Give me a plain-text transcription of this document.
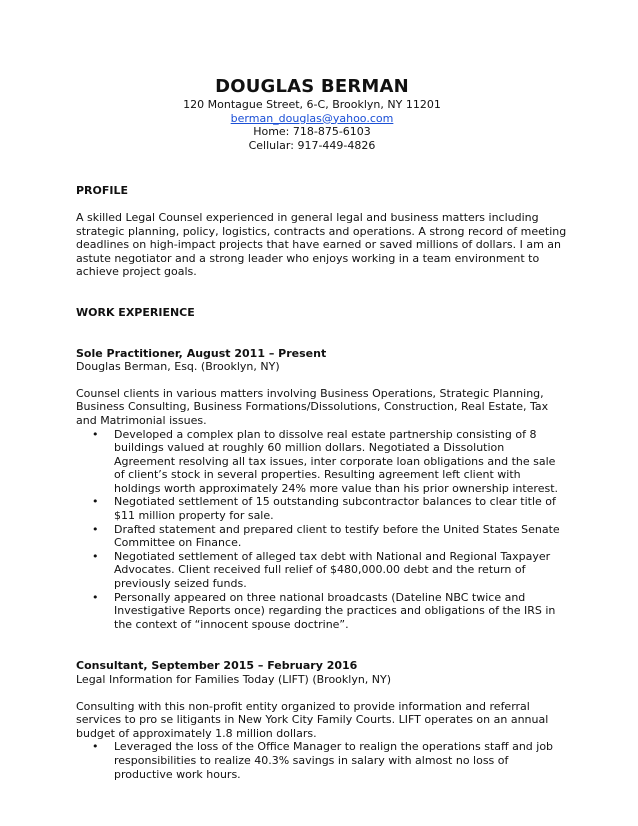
DOUGLAS BERMAN
120 Montague Street, 6-C, Brooklyn, NY 11201
berman_douglas@yahoo.com
Home: 718-875-6103
Cellular: 917-449-4826
PROFILE

A skilled Legal Counsel experienced in general legal and business matters including strategic planning, policy, logistics, contracts and operations. A strong record of meeting deadlines on high-impact projects that have earned or saved millions of dollars. I am an astute negotiator and a strong leader who enjoys working in a team environment to achieve project goals.

WORK EXPERIENCE
Sole Practitioner, August 2011 – Present
Douglas Berman, Esq. (Brooklyn, NY)

Counsel clients in various matters involving Business Operations, Strategic Planning, Business Consulting, Business Formations/Dissolutions, Construction, Real Estate, Tax and Matrimonial issues.

• Developed a complex plan to dissolve real estate partnership consisting of 8 buildings valued at roughly 60 million dollars. Negotiated a Dissolution Agreement resolving all tax issues, inter corporate loan obligations and the sale of client’s stock in several properties. Resulting agreement left client with holdings worth approximately 24% more value than his prior ownership interest.
• Negotiated settlement of 15 outstanding subcontractor balances to clear title of $11 million property for sale.
• Drafted statement and prepared client to testify before the United States Senate Committee on Finance.
• Negotiated settlement of alleged tax debt with National and Regional Taxpayer Advocates. Client received full relief of $480,000.00 debt and the return of previously seized funds.
• Personally appeared on three national broadcasts (Dateline NBC twice and Investigative Reports once) regarding the practices and obligations of the IRS in the context of “innocent spouse doctrine”.
Consultant, September 2015 – February 2016
Legal Information for Families Today (LIFT) (Brooklyn, NY)

Consulting with this non-profit entity organized to provide information and referral services to pro se litigants in New York City Family Courts. LIFT operates on an annual budget of approximately 1.8 million dollars.

• Leveraged the loss of the Office Manager to realign the operations staff and job responsibilities to realize 40.3% savings in salary with almost no loss of productive work hours.
